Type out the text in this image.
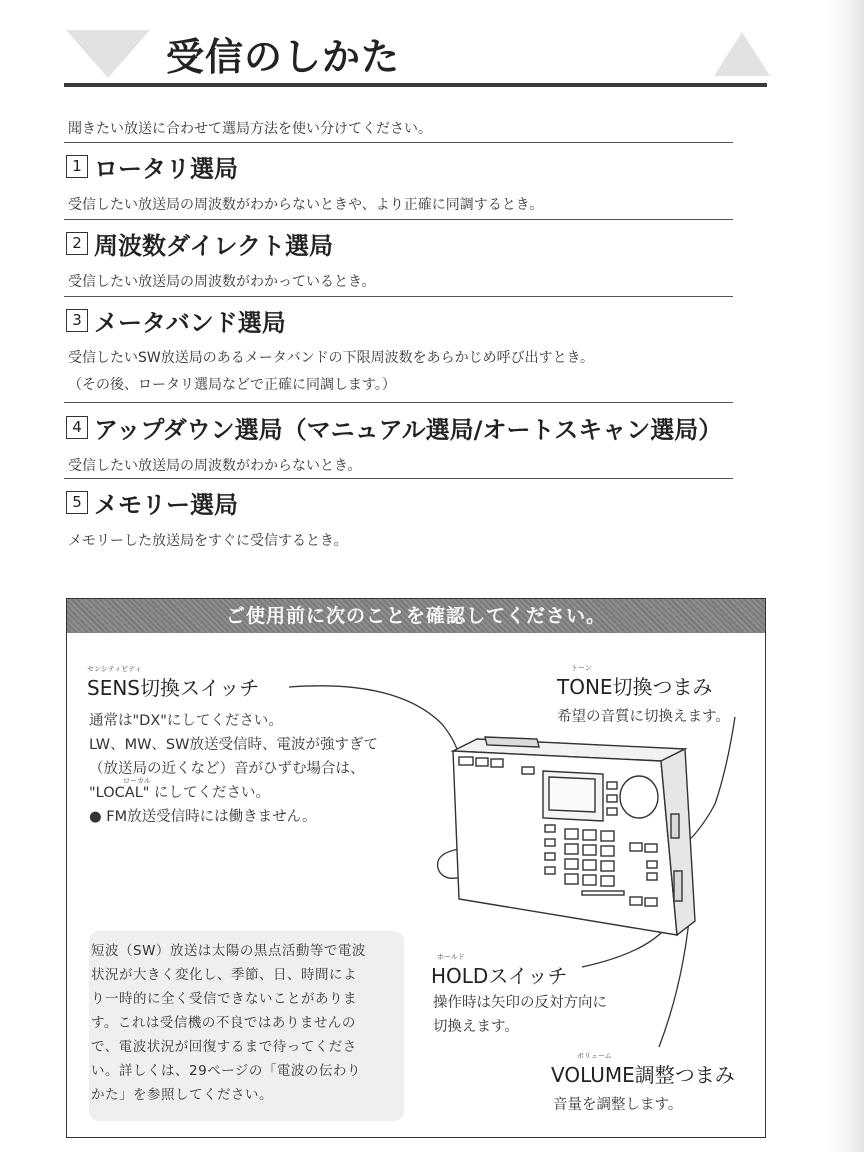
受信のしかた
聞きたい放送に合わせて選局方法を使い分けてください。
1 ロータリ選局
受信したい放送局の周波数がわからないときや、より正確に同調するとき。
2 周波数ダイレクト選局
受信したい放送局の周波数がわかっているとき。
3 メータバンド選局
受信したいSW放送局のあるメータバンドの下限周波数をあらかじめ呼び出すとき。
（その後、ロータリ選局などで正確に同調します。）
4 アップダウン選局（マニュアル選局/オートスキャン選局）
受信したい放送局の周波数がわからないとき。
5 メモリー選局
メモリーした放送局をすぐに受信するとき。
ご使用前に次のことを確認してください。
センシティビティ
SENS切換スイッチ
通常は"DX"にしてください。
LW、MW、SW放送受信時、電波が強すぎて
（放送局の近くなど）音がひずむ場合は、
ローカル
"LOCAL" にしてください。
● FM放送受信時には働きません。
トーン
TONE切換つまみ
希望の音質に切換えます。
ホールド
HOLDスイッチ
操作時は矢印の反対方向に
切換えます。
ボリューム
VOLUME調整つまみ
音量を調整します。
短波（SW）放送は太陽の黒点活動等で電波
状況が大きく変化し、季節、日、時間によ
り一時的に全く受信できないことがありま
す。これは受信機の不良ではありませんの
で、電波状況が回復するまで待ってくださ
い。詳しくは、29ページの「電波の伝わり
かた」を参照してください。
